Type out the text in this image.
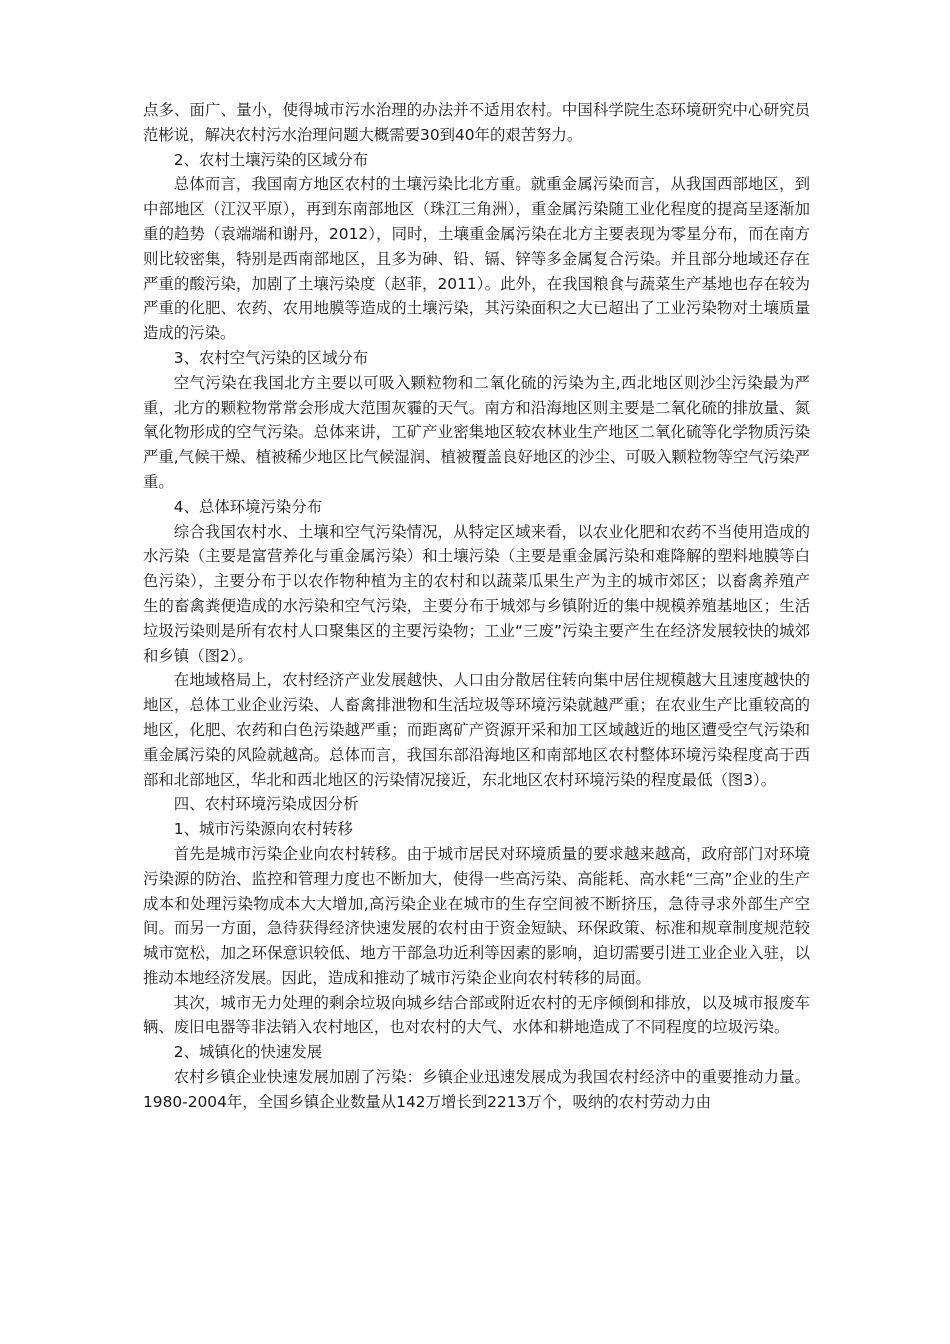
点多、面广、量小，使得城市污水治理的办法并不适用农村。中国科学院生态环境研究中心研究员范彬说，解决农村污水治理问题大概需要30到40年的艰苦努力。

2、农村土壤污染的区域分布

总体而言，我国南方地区农村的土壤污染比北方重。就重金属污染而言，从我国西部地区，到中部地区（江汉平原），再到东南部地区（珠江三角洲），重金属污染随工业化程度的提高呈逐渐加重的趋势（袁端端和谢丹，2012），同时，土壤重金属污染在北方主要表现为零星分布，而在南方则比较密集，特别是西南部地区，且多为砷、铅、镉、锌等多金属复合污染。并且部分地域还存在严重的酸污染，加剧了土壤污染度（赵菲，2011）。此外，在我国粮食与蔬菜生产基地也存在较为严重的化肥、农药、农用地膜等造成的土壤污染，其污染面积之大已超出了工业污染物对土壤质量造成的污染。

3、农村空气污染的区域分布

空气污染在我国北方主要以可吸入颗粒物和二氧化硫的污染为主,西北地区则沙尘污染最为严重，北方的颗粒物常常会形成大范围灰霾的天气。南方和沿海地区则主要是二氧化硫的排放量、氮氧化物形成的空气污染。总体来讲，工矿产业密集地区较农林业生产地区二氧化硫等化学物质污染严重,气候干燥、植被稀少地区比气候湿润、植被覆盖良好地区的沙尘、可吸入颗粒物等空气污染严重。

4、总体环境污染分布

综合我国农村水、土壤和空气污染情况，从特定区域来看，以农业化肥和农药不当使用造成的水污染（主要是富营养化与重金属污染）和土壤污染（主要是重金属污染和难降解的塑料地膜等白色污染），主要分布于以农作物种植为主的农村和以蔬菜瓜果生产为主的城市郊区；以畜禽养殖产生的畜禽粪便造成的水污染和空气污染，主要分布于城郊与乡镇附近的集中规模养殖基地区；生活垃圾污染则是所有农村人口聚集区的主要污染物；工业“三废”污染主要产生在经济发展较快的城郊和乡镇（图2）。

在地域格局上，农村经济产业发展越快、人口由分散居住转向集中居住规模越大且速度越快的地区，总体工业企业污染、人畜禽排泄物和生活垃圾等环境污染就越严重；在农业生产比重较高的地区，化肥、农药和白色污染越严重；而距离矿产资源开采和加工区域越近的地区遭受空气污染和重金属污染的风险就越高。总体而言，我国东部沿海地区和南部地区农村整体环境污染程度高于西部和北部地区，华北和西北地区的污染情况接近，东北地区农村环境污染的程度最低（图3）。

四、农村环境污染成因分析

1、城市污染源向农村转移

首先是城市污染企业向农村转移。由于城市居民对环境质量的要求越来越高，政府部门对环境污染源的防治、监控和管理力度也不断加大，使得一些高污染、高能耗、高水耗“三高”企业的生产成本和处理污染物成本大大增加,高污染企业在城市的生存空间被不断挤压，急待寻求外部生产空间。而另一方面，急待获得经济快速发展的农村由于资金短缺、环保政策、标准和规章制度规范较城市宽松，加之环保意识较低、地方干部急功近利等因素的影响，迫切需要引进工业企业入驻，以推动本地经济发展。因此，造成和推动了城市污染企业向农村转移的局面。

其次，城市无力处理的剩余垃圾向城乡结合部或附近农村的无序倾倒和排放，以及城市报废车辆、废旧电器等非法销入农村地区，也对农村的大气、水体和耕地造成了不同程度的垃圾污染。

2、城镇化的快速发展

农村乡镇企业快速发展加剧了污染：乡镇企业迅速发展成为我国农村经济中的重要推动力量。1980-2004年，全国乡镇企业数量从142万增长到2213万个，吸纳的农村劳动力由
